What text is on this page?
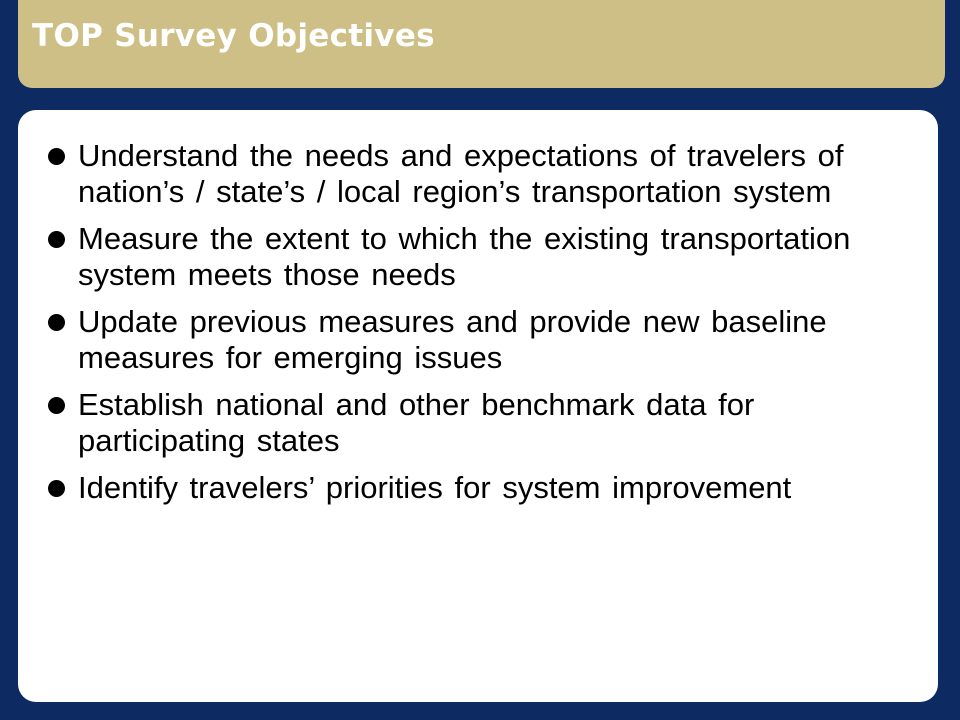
TOP Survey Objectives
Understand the needs and expectations of travelers of nation’s / state’s / local region’s transportation system
Measure the extent to which the existing transportation system meets those needs
Update previous measures and provide new baseline measures for emerging issues
Establish national and other benchmark data for participating states
Identify travelers’ priorities for system improvement
Page 3
